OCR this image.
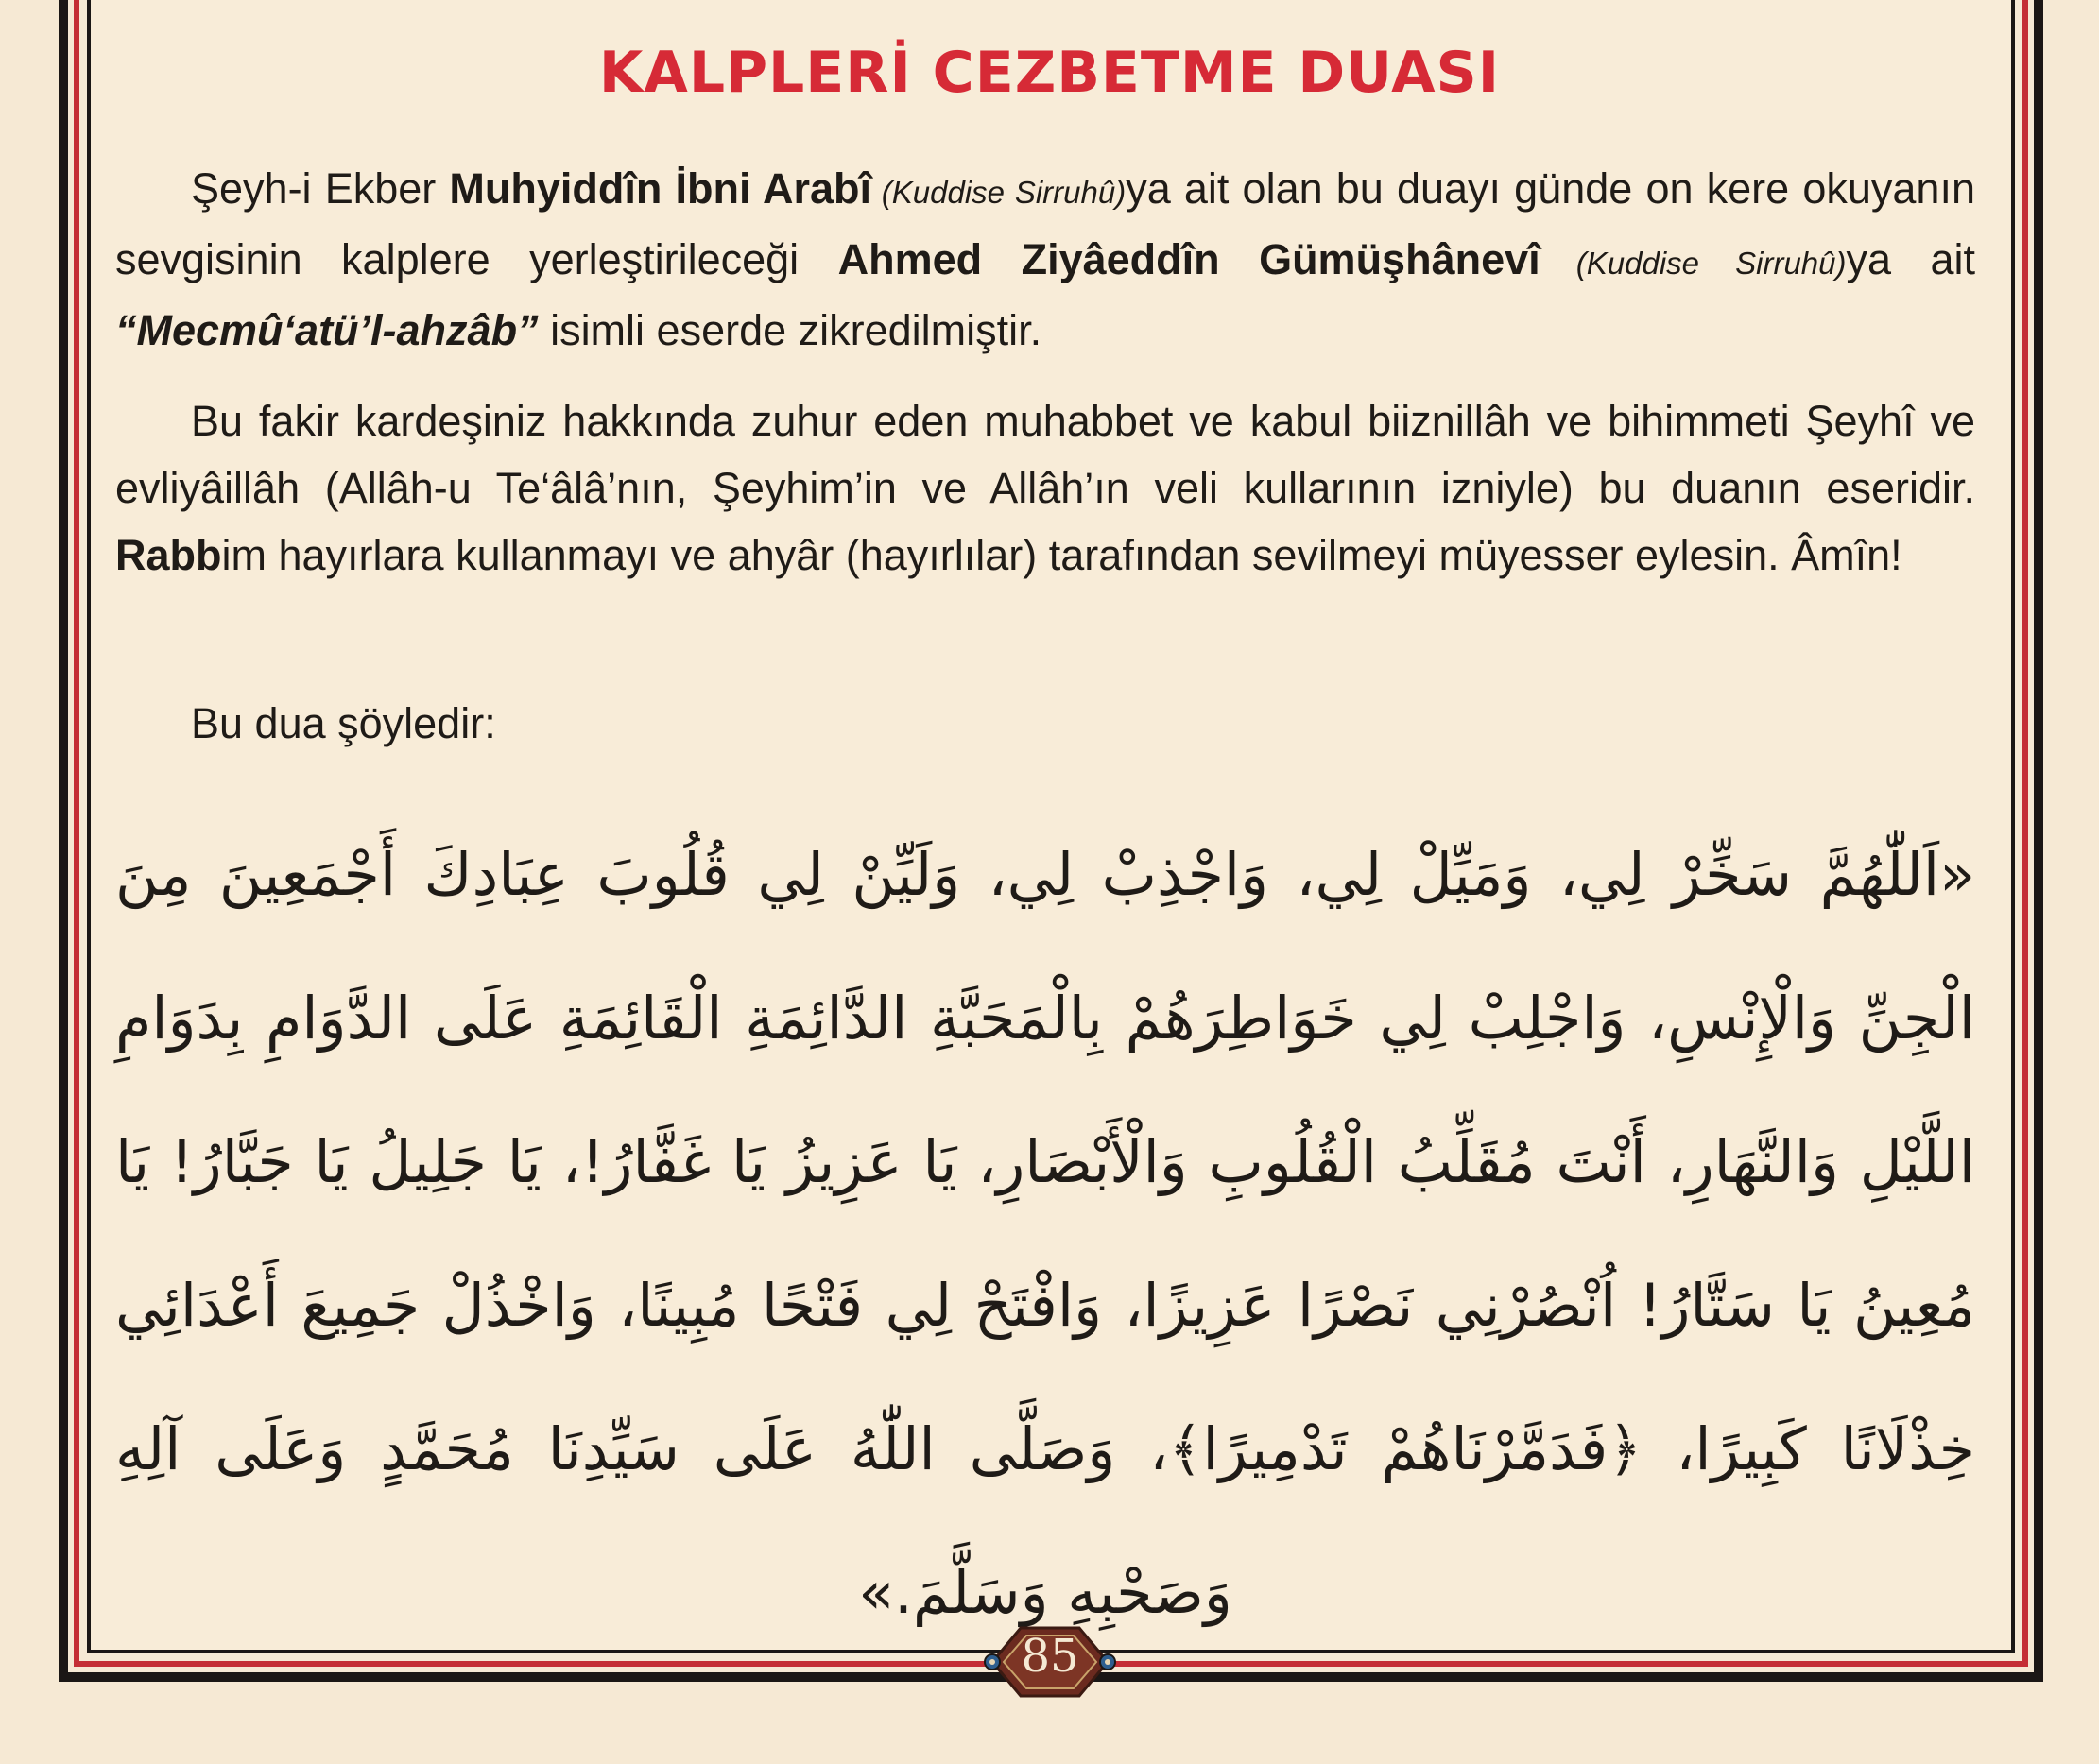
KALPLERİ CEZBETME DUASI

Şeyh-i Ekber Muhyiddîn İbni Arabî (Kuddise Sirruhû)ya ait olan bu duayı günde on kere okuyanın sevgisinin kalplere yerleştirileceği Ahmed Ziyâeddîn Gümüşhânevî (Kuddise Sirruhû)ya ait “Mecmû‘atü’l-ahzâb” isimli eserde zikredilmiştir.

Bu fakir kardeşiniz hakkında zuhur eden muhabbet ve kabul biiznillâh ve bihimmeti Şeyhî ve evliyâillâh (Allâh-u Te‘âlâ’nın, Şeyhim’in ve Allâh’ın veli kullarının izniyle) bu duanın eseridir. Rabbim hayırlara kullanmayı ve ahyâr (hayırlılar) tarafından sevilmeyi müyesser eylesin. Âmîn!

Bu dua şöyledir:

«اَللّٰهُمَّ سَخِّرْ لِي، وَمَيِّلْ لِي، وَاجْذِبْ لِي، وَلَيِّنْ لِي قُلُوبَ عِبَادِكَ أَجْمَعِينَ مِنَ الْجِنِّ وَالْإِنْسِ، وَاجْلِبْ لِي خَوَاطِرَهُمْ بِالْمَحَبَّةِ الدَّائِمَةِ الْقَائِمَةِ عَلَى الدَّوَامِ بِدَوَامِ اللَّيْلِ وَالنَّهَارِ، أَنْتَ مُقَلِّبُ الْقُلُوبِ وَالْأَبْصَارِ، يَا عَزِيزُ يَا غَفَّارُ!، يَا جَلِيلُ يَا جَبَّارُ! يَا مُعِينُ يَا سَتَّارُ! اُنْصُرْنِي نَصْرًا عَزِيزًا، وَافْتَحْ لِي فَتْحًا مُبِينًا، وَاخْذُلْ جَمِيعَ أَعْدَائِي خِذْلَانًا كَبِيرًا، ﴿فَدَمَّرْنَاهُمْ تَدْمِيرًا﴾، وَصَلَّى اللّٰهُ عَلَى سَيِّدِنَا مُحَمَّدٍ وَعَلَى آلِهِ وَصَحْبِهِ وَسَلَّمَ.»
85
